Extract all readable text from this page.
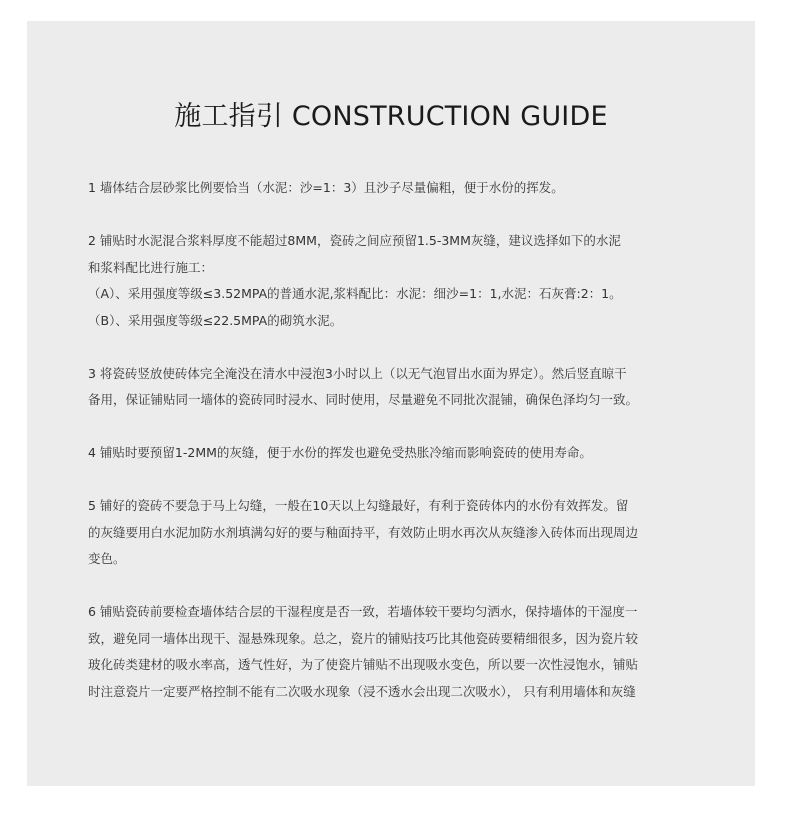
施工指引 CONSTRUCTION GUIDE
1 墙体结合层砂浆比例要恰当（水泥：沙=1：3）且沙子尽量偏粗，便于水份的挥发。
2 铺贴时水泥混合浆料厚度不能超过8MM，瓷砖之间应预留1.5-3MM灰缝，建议选择如下的水泥
和浆料配比进行施工：
（A）、采用强度等级≤3.52MPA的普通水泥,浆料配比：水泥：细沙=1：1,水泥：石灰膏:2：1。
（B）、采用强度等级≤22.5MPA的砌筑水泥。
3 将瓷砖竖放使砖体完全淹没在清水中浸泡3小时以上（以无气泡冒出水面为界定）。然后竖直晾干
备用，保证铺贴同一墙体的瓷砖同时浸水、同时使用，尽量避免不同批次混铺，确保色泽均匀一致。
4 铺贴时要预留1-2MM的灰缝，便于水份的挥发也避免受热胀冷缩而影响瓷砖的使用寿命。
5 铺好的瓷砖不要急于马上勾缝，一般在10天以上勾缝最好，有利于瓷砖体内的水份有效挥发。留
的灰缝要用白水泥加防水剂填满勾好的要与釉面持平，有效防止明水再次从灰缝渗入砖体而出现周边
变色。
6 铺贴瓷砖前要检查墙体结合层的干湿程度是否一致，若墙体较干要均匀洒水，保持墙体的干湿度一
致，避免同一墙体出现干、湿悬殊现象。总之，瓷片的铺贴技巧比其他瓷砖要精细很多，因为瓷片较
玻化砖类建材的吸水率高，透气性好，为了使瓷片铺贴不出现吸水变色，所以要一次性浸饱水，铺贴
时注意瓷片一定要严格控制不能有二次吸水现象（浸不透水会出现二次吸水）， 只有利用墙体和灰缝
